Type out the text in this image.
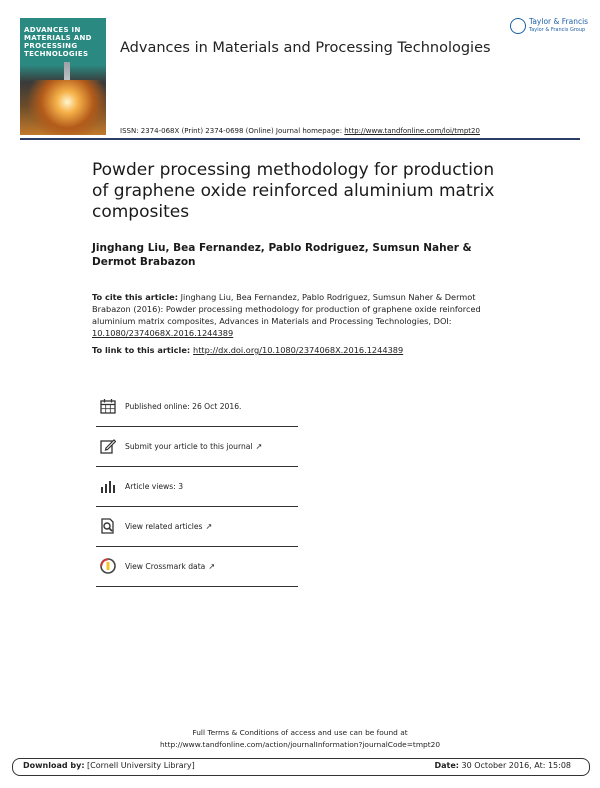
ADVANCES IN MATERIALS AND PROCESSING TECHNOLOGIES	Advances in Materials and Processing Technologies
Taylor & Francis
Taylor & Francis Group
ISSN: 2374-068X (Print) 2374-0698 (Online) Journal homepage: http://www.tandfonline.com/loi/tmpt20
Powder processing methodology for production of graphene oxide reinforced aluminium matrix composites
Jinghang Liu, Bea Fernandez, Pablo Rodriguez, Sumsun Naher & Dermot Brabazon
To cite this article: Jinghang Liu, Bea Fernandez, Pablo Rodriguez, Sumsun Naher & Dermot Brabazon (2016): Powder processing methodology for production of graphene oxide reinforced aluminium matrix composites, Advances in Materials and Processing Technologies, DOI: 10.1080/2374068X.2016.1244389
To link to this article: http://dx.doi.org/10.1080/2374068X.2016.1244389
Published online: 26 Oct 2016.
Submit your article to this journal ↗
Article views: 3
View related articles ↗
View Crossmark data ↗
Full Terms & Conditions of access and use can be found at
http://www.tandfonline.com/action/journalInformation?journalCode=tmpt20
Download by: [Cornell University Library]	Date: 30 October 2016, At: 15:08
